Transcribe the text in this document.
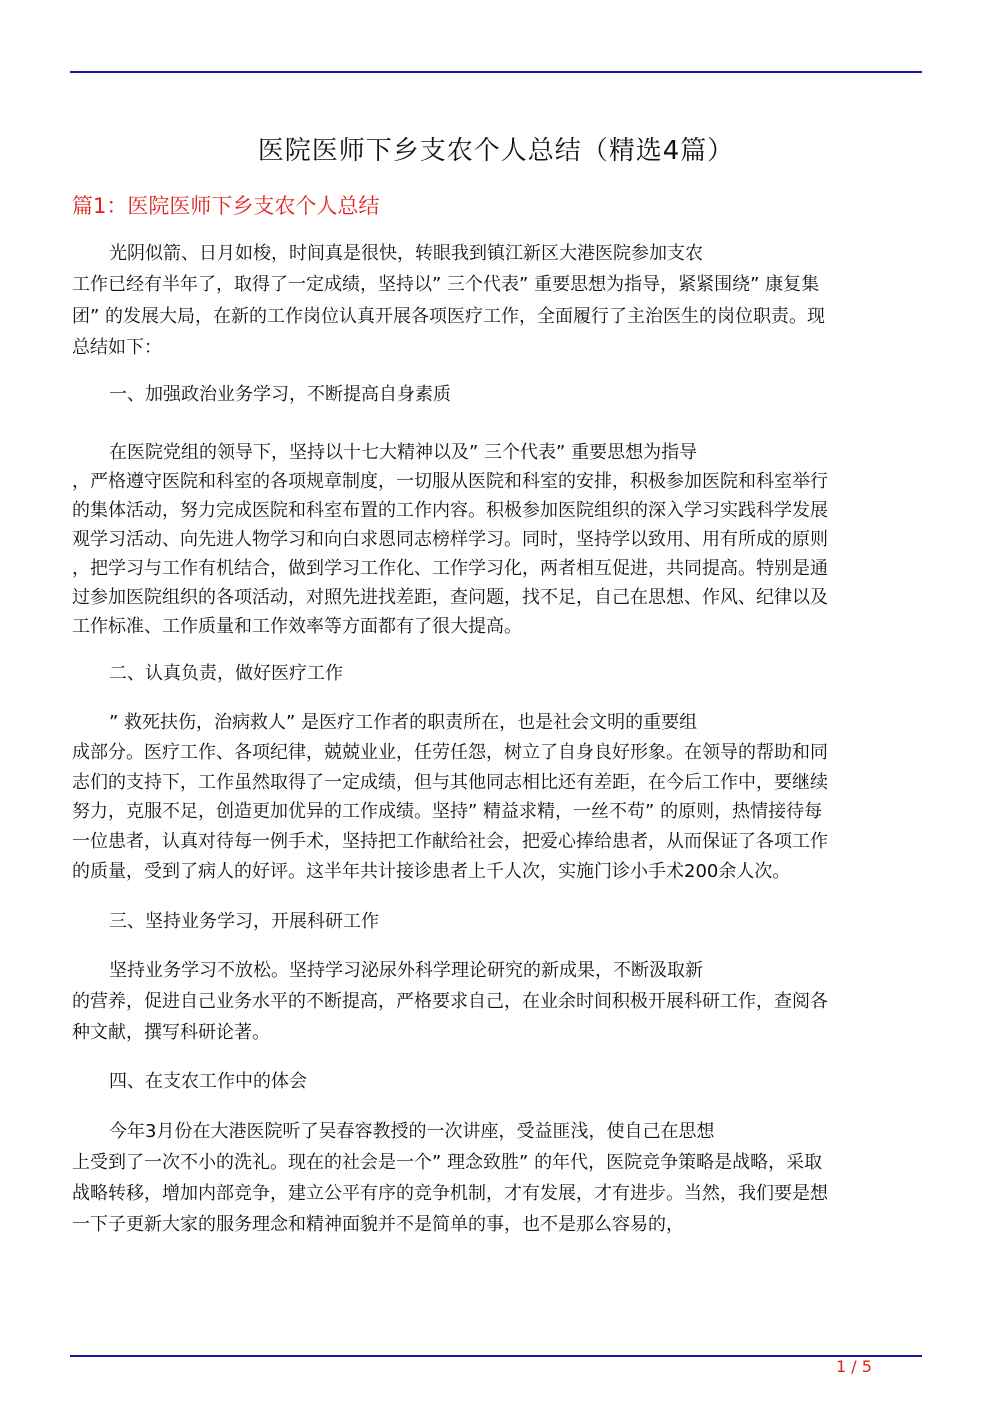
医院医师下乡支农个人总结（精选4篇）
篇1：医院医师下乡支农个人总结
光阴似箭、日月如梭，时间真是很快，转眼我到镇江新区大港医院参加支农
工作已经有半年了，取得了一定成绩，坚持以” 三个代表” 重要思想为指导，紧紧围绕” 康复集
团” 的发展大局，在新的工作岗位认真开展各项医疗工作，全面履行了主治医生的岗位职责。现
总结如下：
一、加强政治业务学习，不断提高自身素质
在医院党组的领导下，坚持以十七大精神以及” 三个代表” 重要思想为指导
，严格遵守医院和科室的各项规章制度，一切服从医院和科室的安排，积极参加医院和科室举行
的集体活动，努力完成医院和科室布置的工作内容。积极参加医院组织的深入学习实践科学发展
观学习活动、向先进人物学习和向白求恩同志榜样学习。同时，坚持学以致用、用有所成的原则
，把学习与工作有机结合，做到学习工作化、工作学习化，两者相互促进，共同提高。特别是通
过参加医院组织的各项活动，对照先进找差距，查问题，找不足，自己在思想、作风、纪律以及
工作标准、工作质量和工作效率等方面都有了很大提高。
二、认真负责，做好医疗工作
” 救死扶伤，治病救人” 是医疗工作者的职责所在，也是社会文明的重要组
成部分。医疗工作、各项纪律，兢兢业业，任劳任怨，树立了自身良好形象。在领导的帮助和同
志们的支持下，工作虽然取得了一定成绩，但与其他同志相比还有差距，在今后工作中，要继续
努力，克服不足，创造更加优异的工作成绩。坚持” 精益求精，一丝不苟” 的原则，热情接待每
一位患者，认真对待每一例手术，坚持把工作献给社会，把爱心捧给患者，从而保证了各项工作
的质量，受到了病人的好评。这半年共计接诊患者上千人次，实施门诊小手术200余人次。
三、坚持业务学习，开展科研工作
坚持业务学习不放松。坚持学习泌尿外科学理论研究的新成果，不断汲取新
的营养，促进自己业务水平的不断提高，严格要求自己，在业余时间积极开展科研工作，查阅各
种文献，撰写科研论著。
四、在支农工作中的体会
今年3月份在大港医院听了吴春容教授的一次讲座，受益匪浅，使自己在思想
上受到了一次不小的洗礼。现在的社会是一个” 理念致胜” 的年代，医院竞争策略是战略，采取
战略转移，增加内部竞争，建立公平有序的竞争机制，才有发展，才有进步。当然，我们要是想
一下子更新大家的服务理念和精神面貌并不是简单的事，也不是那么容易的，
1 / 5
